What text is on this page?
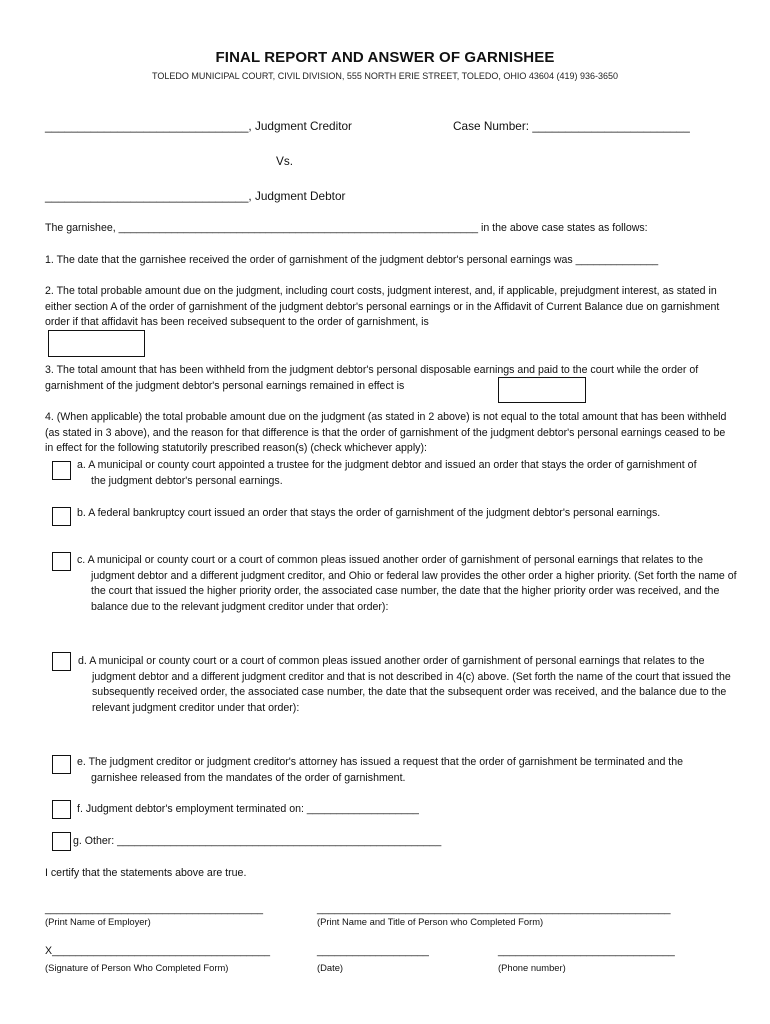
FINAL REPORT AND ANSWER OF GARNISHEE
TOLEDO MUNICIPAL COURT, CIVIL DIVISION, 555 NORTH ERIE STREET, TOLEDO, OHIO 43604 (419) 936-3650
_______________________________, Judgment Creditor	Case Number: ________________________
Vs.
_______________________________, Judgment Debtor
The garnishee, _____________________________________________________________ in the above case states as follows:
1. The date that the garnishee received the order of garnishment of the judgment debtor's personal earnings was ______________
2. The total probable amount due on the judgment, including court costs, judgment interest, and, if applicable, prejudgment interest, as stated in either section A of the order of garnishment of the judgment debtor's personal earnings or in the Affidavit of Current Balance due on garnishment order if that affidavit has been received subsequent to the order of garnishment, is
3. The total amount that has been withheld from the judgment debtor's personal disposable earnings and paid to the court while the order of garnishment of the judgment debtor's personal earnings remained in effect is
4. (When applicable) the total probable amount due on the judgment (as stated in 2 above) is not equal to the total amount that has been withheld (as stated in 3 above), and the reason for that difference is that the order of garnishment of the judgment debtor's personal earnings ceased to be in effect for the following statutorily prescribed reason(s) (check whichever apply):
a. A municipal or county court appointed a trustee for the judgment debtor and issued an order that stays the order of garnishment of the judgment debtor's personal earnings.
b. A federal bankruptcy court issued an order that stays the order of garnishment of the judgment debtor's personal earnings.
c. A municipal or county court or a court of common pleas issued another order of garnishment of personal earnings that relates to the judgment debtor and a different judgment creditor, and Ohio or federal law provides the other order a higher priority. (Set forth the name of the court that issued the higher priority order, the associated case number, the date that the higher priority order was received, and the balance due to the relevant judgment creditor under that order):
d. A municipal or county court or a court of common pleas issued another order of garnishment of personal earnings that relates to the judgment debtor and a different judgment creditor and that is not described in 4(c) above. (Set forth the name of the court that issued the subsequently received order, the associated case number, the date that the subsequent order was received, and the balance due to the relevant judgment creditor under that order):
e. The judgment creditor or judgment creditor's attorney has issued a request that the order of garnishment be terminated and the garnishee released from the mandates of the order of garnishment.
f. Judgment debtor's employment terminated on: ___________________
g. Other: _______________________________________________________
I certify that the statements above are true.
_____________________________________
(Print Name of Employer)
____________________________________________________________
(Print Name and Title of Person who Completed Form)
X_____________________________________
(Signature of Person Who Completed Form)
___________________
(Date)
______________________________
(Phone number)
